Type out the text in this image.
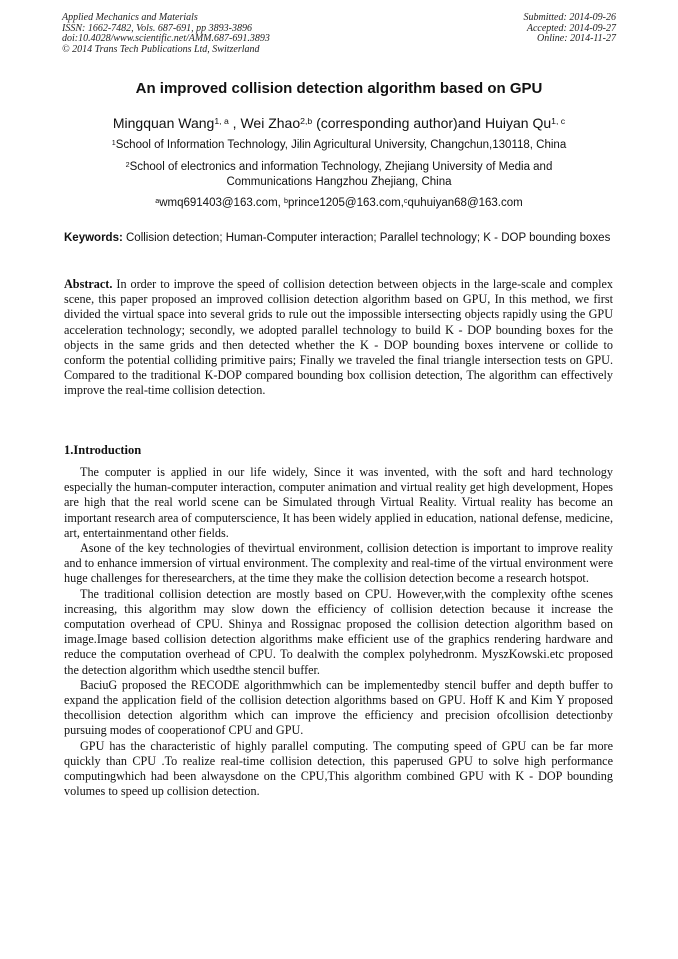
Applied Mechanics and Materials
ISSN: 1662-7482, Vols. 687-691, pp 3893-3896
doi:10.4028/www.scientific.net/AMM.687-691.3893
© 2014 Trans Tech Publications Ltd, Switzerland
Submitted: 2014-09-26
Accepted: 2014-09-27
Online: 2014-11-27
An improved collision detection algorithm based on GPU
Mingquan Wang$^{1, a}$ , Wei Zhao$^{2,b}$ (corresponding author)and Huiyan Qu$^{1, c}$
$^1$School of Information Technology, Jilin Agricultural University, Changchun,130118, China
$^2$School of electronics and information Technology, Zhejiang University of Media and
Communications Hangzhou Zhejiang, China
$^a$wmq691403@163.com, $^b$prince1205@163.com,$^c$quhuiyan68@163.com
Keywords: Collision detection; Human-Computer interaction; Parallel technology; K - DOP bounding boxes
Abstract. In order to improve the speed of collision detection between objects in the large-scale and complex scene, this paper proposed an improved collision detection algorithm based on GPU, In this method, we first divided the virtual space into several grids to rule out the impossible intersecting objects rapidly using the GPU acceleration technology; secondly, we adopted parallel technology to build K - DOP bounding boxes for the objects in the same grids and then detected whether the K - DOP bounding boxes intervene or collide to conform the potential colliding primitive pairs; Finally we traveled the final triangle intersection tests on GPU. Compared to the traditional K-DOP compared bounding box collision detection, The algorithm can effectively improve the real-time collision detection.
1.Introduction

The computer is applied in our life widely, Since it was invented, with the soft and hard technology especially the human-computer interaction, computer animation and virtual reality get high development, Hopes are high that the real world scene can be Simulated through Virtual Reality. Virtual reality has become an important research area of computerscience, It has been widely applied in education, national defense, medicine, art, entertainmentand other fields.

Asone of the key technologies of thevirtual environment, collision detection is important to improve reality and to enhance immersion of virtual environment. The complexity and real-time of the virtual environment were huge challenges for theresearchers, at the time they make the collision detection become a research hotspot.

The traditional collision detection are mostly based on CPU. However,with the complexity ofthe scenes increasing, this algorithm may slow down the efficiency of collision detection because it increase the computation overhead of CPU. Shinya and Rossignac proposed the collision detection algorithm based on image.Image based collision detection algorithms make efficient use of the graphics rendering hardware and reduce the computation overhead of CPU. To dealwith the complex polyhedronm. MyszKowski.etc proposed the detection algorithm which usedthe stencil buffer.

BaciuG proposed the RECODE algorithmwhich can be implementedby stencil buffer and depth buffer to expand the application field of the collision detection algorithms based on GPU. Hoff K and Kim Y proposed thecollision detection algorithm which can improve the efficiency and precision ofcollision detectionby pursuing modes of cooperationof CPU and GPU.

GPU has the characteristic of highly parallel computing. The computing speed of GPU can be far more quickly than CPU .To realize real-time collision detection, this paperused GPU to solve high performance computingwhich had been alwaysdone on the CPU,This algorithm combined GPU with K - DOP bounding volumes to speed up collision detection.
